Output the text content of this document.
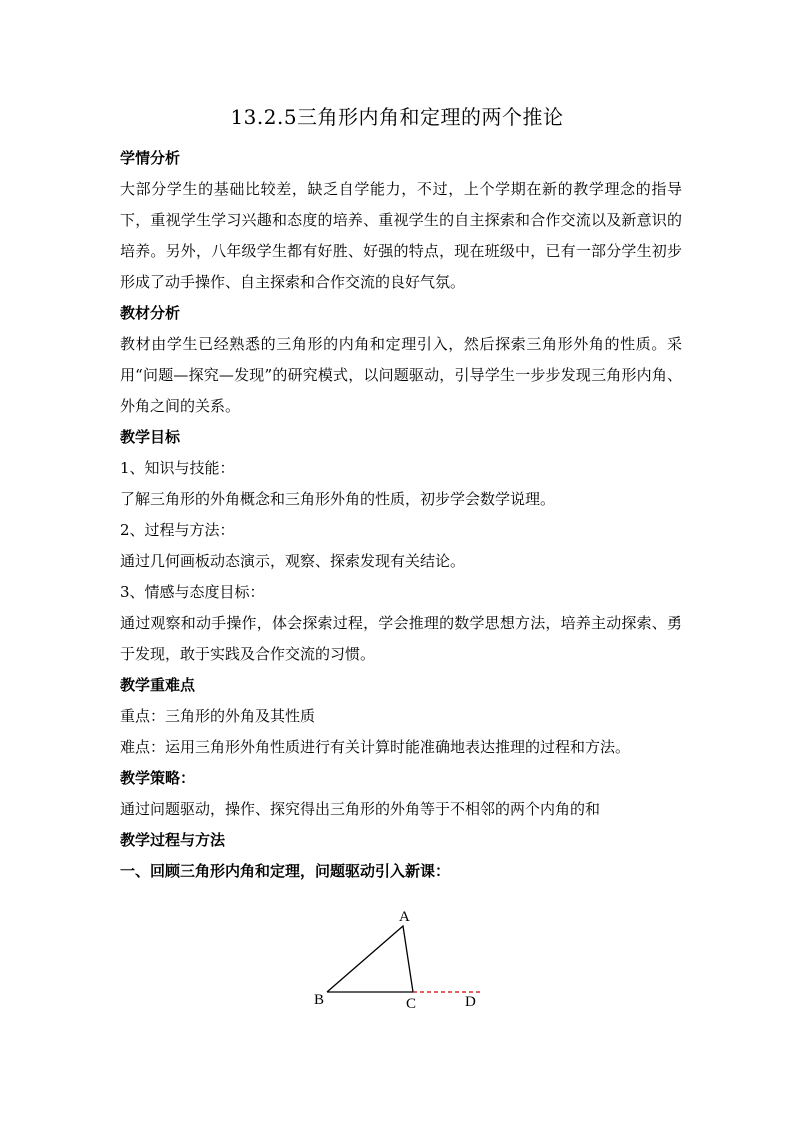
13.2.5三角形内角和定理的两个推论
学情分析
大部分学生的基础比较差，缺乏自学能力，不过，上个学期在新的教学理念的指导下，重视学生学习兴趣和态度的培养、重视学生的自主探索和合作交流以及新意识的培养。另外，八年级学生都有好胜、好强的特点，现在班级中，已有一部分学生初步形成了动手操作、自主探索和合作交流的良好气氛。
教材分析
教材由学生已经熟悉的三角形的内角和定理引入，然后探索三角形外角的性质。采用“问题—探究—发现”的研究模式，以问题驱动，引导学生一步步发现三角形内角、外角之间的关系。
教学目标
1、知识与技能：
了解三角形的外角概念和三角形外角的性质，初步学会数学说理。
2、过程与方法：
通过几何画板动态演示，观察、探索发现有关结论。
3、情感与态度目标：
通过观察和动手操作，体会探索过程，学会推理的数学思想方法，培养主动探索、勇于发现，敢于实践及合作交流的习惯。
教学重难点
重点：三角形的外角及其性质
难点：运用三角形外角性质进行有关计算时能准确地表达推理的过程和方法。
教学策略：
通过问题驱动，操作、探究得出三角形的外角等于不相邻的两个内角的和
教学过程与方法
一、回顾三角形内角和定理，问题驱动引入新课：
A
B	C	D
